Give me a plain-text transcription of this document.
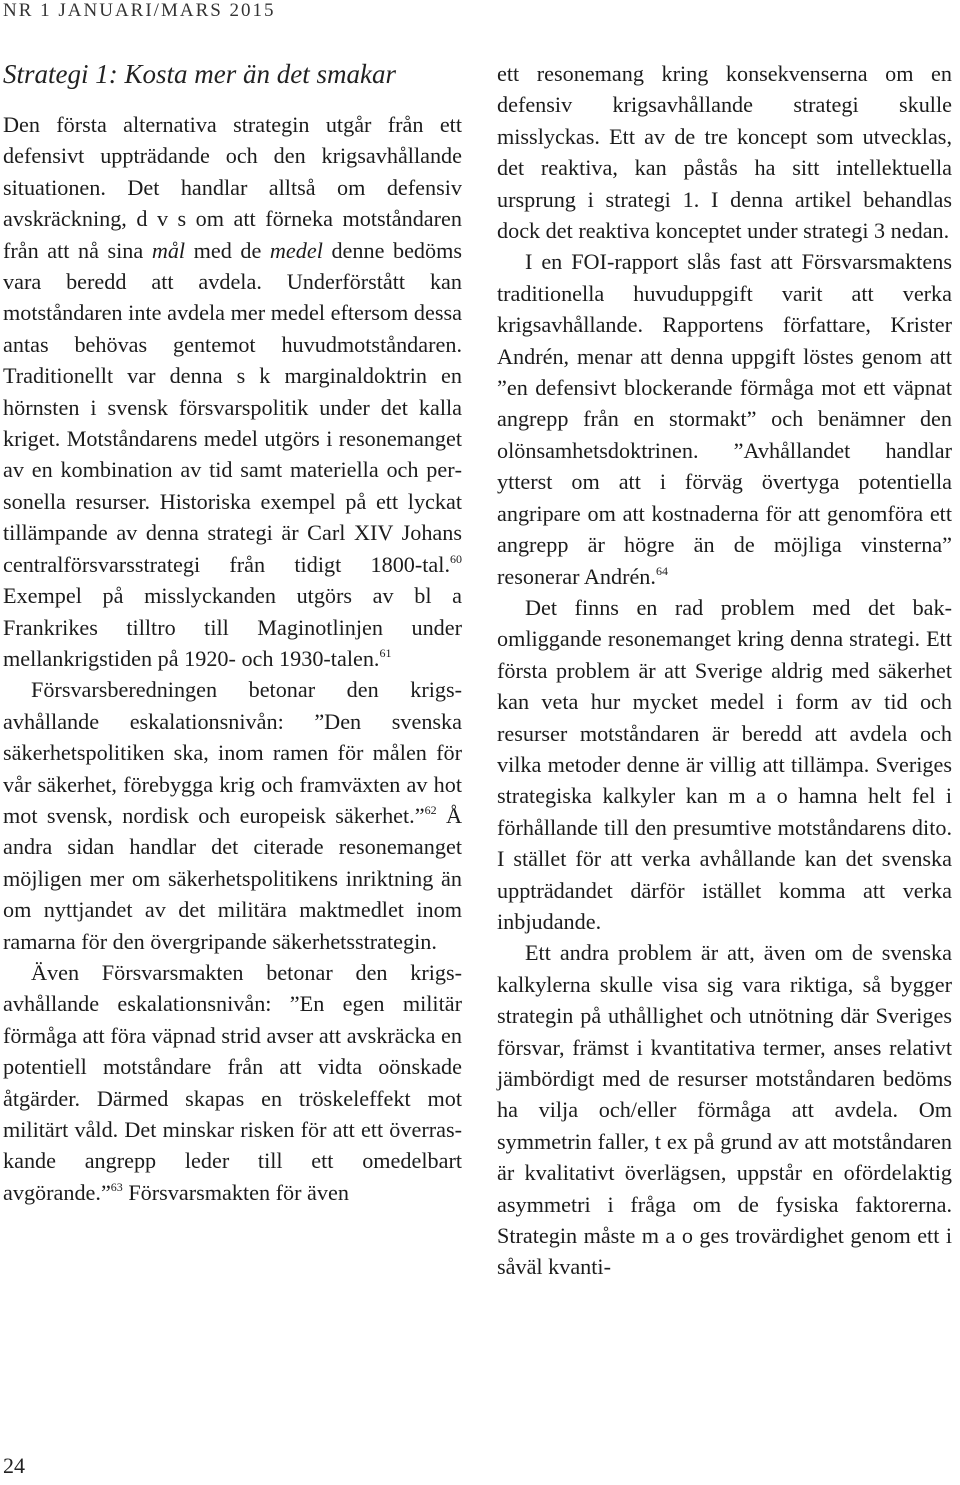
NR 1 JANUARI/MARS 2015
Strategi 1: Kosta mer än det smakar

Den första alternativa strategin utgår från ett defensivt uppträdande och den krigsavhållande situationen. Det handlar alltså om defensiv avskräckning, d v s om att förneka motståndaren från att nå sina mål med de medel denne bedöms vara beredd att avdela. Underförstått kan motståndaren inte avdela mer medel eftersom dessa antas behövas gentemot huvudmotståndaren. Traditionellt var denna s k marginaldoktrin en hörnsten i svensk försvarspolitik under det kalla kriget. Motståndarens medel utgörs i resonemanget av en kombination av tid samt materiella och personella resurser. Historiska exempel på ett lyckat tillämpande av denna strategi är Carl XIV Johans centralförsvarsstrategi från tidigt 1800-tal.$^{60}$ Exempel på misslyckanden utgörs av bl a Frankrikes tilltro till Maginotlinjen under mellankrigstiden på 1920- och 1930-talen.$^{61}$

Försvarsberedningen betonar den krigsavhållande eskalationsnivån: ”Den svenska säkerhetspolitiken ska, inom ramen för målen för vår säkerhet, förebygga krig och framväxten av hot mot svensk, nordisk och europeisk säkerhet.”$^{62}$ Å andra sidan handlar det citerade resonemanget möjligen mer om säkerhetspolitikens inriktning än om nyttjandet av det militära maktmedlet inom ramarna för den övergripande säkerhetsstrategin.

Även Försvarsmakten betonar den krigsavhållande eskalationsnivån: ”En egen militär förmåga att föra väpnad strid avser att avskräcka en potentiell motståndare från att vidta oönskade åtgärder. Därmed skapas en tröskeleffekt mot militärt våld. Det minskar risken för att ett överraskande angrepp leder till ett omedelbart avgörande.”$^{63}$ Försvarsmakten för även

ett resonemang kring konsekvenserna om en defensiv krigsavhållande strategi skulle misslyckas. Ett av de tre koncept som utvecklas, det reaktiva, kan påstås ha sitt intellektuella ursprung i strategi 1. I denna artikel behandlas dock det reaktiva konceptet under strategi 3 nedan.

I en FOI-rapport slås fast att Försvarsmaktens traditionella huvuduppgift varit att verka krigsavhållande. Rapportens författare, Krister Andrén, menar att denna uppgift löstes genom att ”en defensivt blockerande förmåga mot ett väpnat angrepp från en stormakt” och benämner den olönsamhetsdoktrinen. ”Avhållandet handlar ytterst om att i förväg övertyga potentiella angripare om att kostnaderna för att genomföra ett angrepp är högre än de möjliga vinsterna” resonerar Andrén.$^{64}$

Det finns en rad problem med det bakomliggande resonemanget kring denna strategi. Ett första problem är att Sverige aldrig med säkerhet kan veta hur mycket medel i form av tid och resurser motståndaren är beredd att avdela och vilka metoder denne är villig att tillämpa. Sveriges strategiska kalkyler kan m a o hamna helt fel i förhållande till den presumtive motståndarens dito. I stället för att verka avhållande kan det svenska uppträdandet därför istället komma att verka inbjudande.

Ett andra problem är att, även om de svenska kalkylerna skulle visa sig vara riktiga, så bygger strategin på uthållighet och utnötning där Sveriges försvar, främst i kvantitativa termer, anses relativt jämbördigt med de resurser motståndaren bedöms ha vilja och/eller förmåga att avdela. Om symmetrin faller, t ex på grund av att motståndaren är kvalitativt överlägsen, uppstår en ofördelaktig asymmetri i fråga om de fysiska faktorerna. Strategin måste m a o ges trovärdighet genom ett i såväl kvanti-

24
